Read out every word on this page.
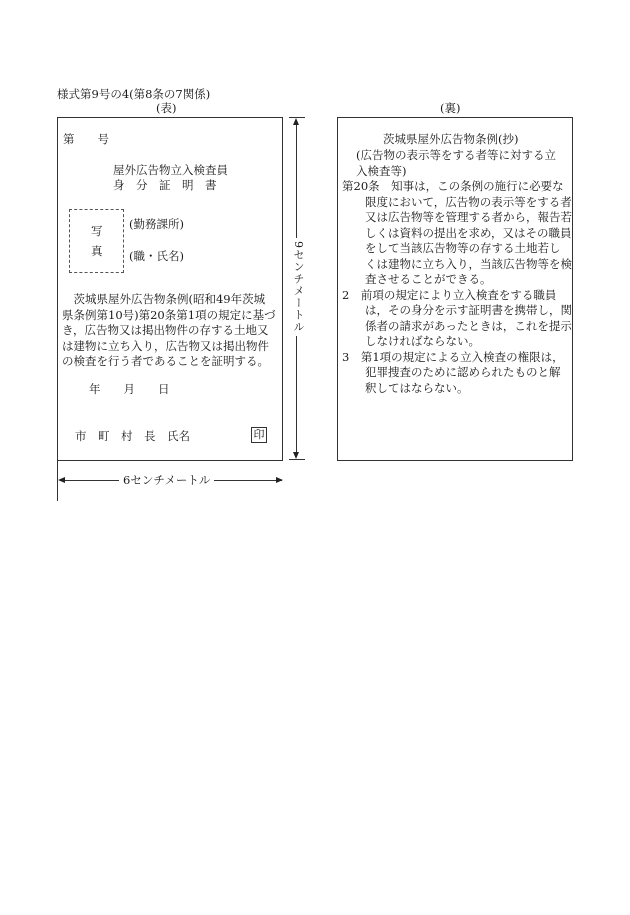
様式第9号の4(第8条の7関係)
(表)	(裏)
第　　号
屋外広告物立入検査員
身　分　証　明　書
写
真
(勤務課所)
(職・氏名)
　茨城県屋外広告物条例(昭和49年茨城
県条例第10号)第20条第1項の規定に基づ
き，広告物又は掲出物件の存する土地又
は建物に立ち入り，広告物又は掲出物件
の検査を行う者であることを証明する。
年　　月　　日
市　町　村　長　氏名	印
9センチメートル
6センチメートル
茨城県屋外広告物条例(抄)
(広告物の表示等をする者等に対する立
入検査等)
第20条　知事は，この条例の施行に必要な
　　限度において，広告物の表示等をする者
　　又は広告物等を管理する者から，報告若
　　しくは資料の提出を求め，又はその職員
　　をして当該広告物等の存する土地若し
　　くは建物に立ち入り，当該広告物等を検
　　査させることができる。
2　前項の規定により立入検査をする職員
　　は，その身分を示す証明書を携帯し，関
　　係者の請求があったときは，これを提示
　　しなければならない。
3　第1項の規定による立入検査の権限は，
　　犯罪捜査のために認められたものと解
　　釈してはならない。
